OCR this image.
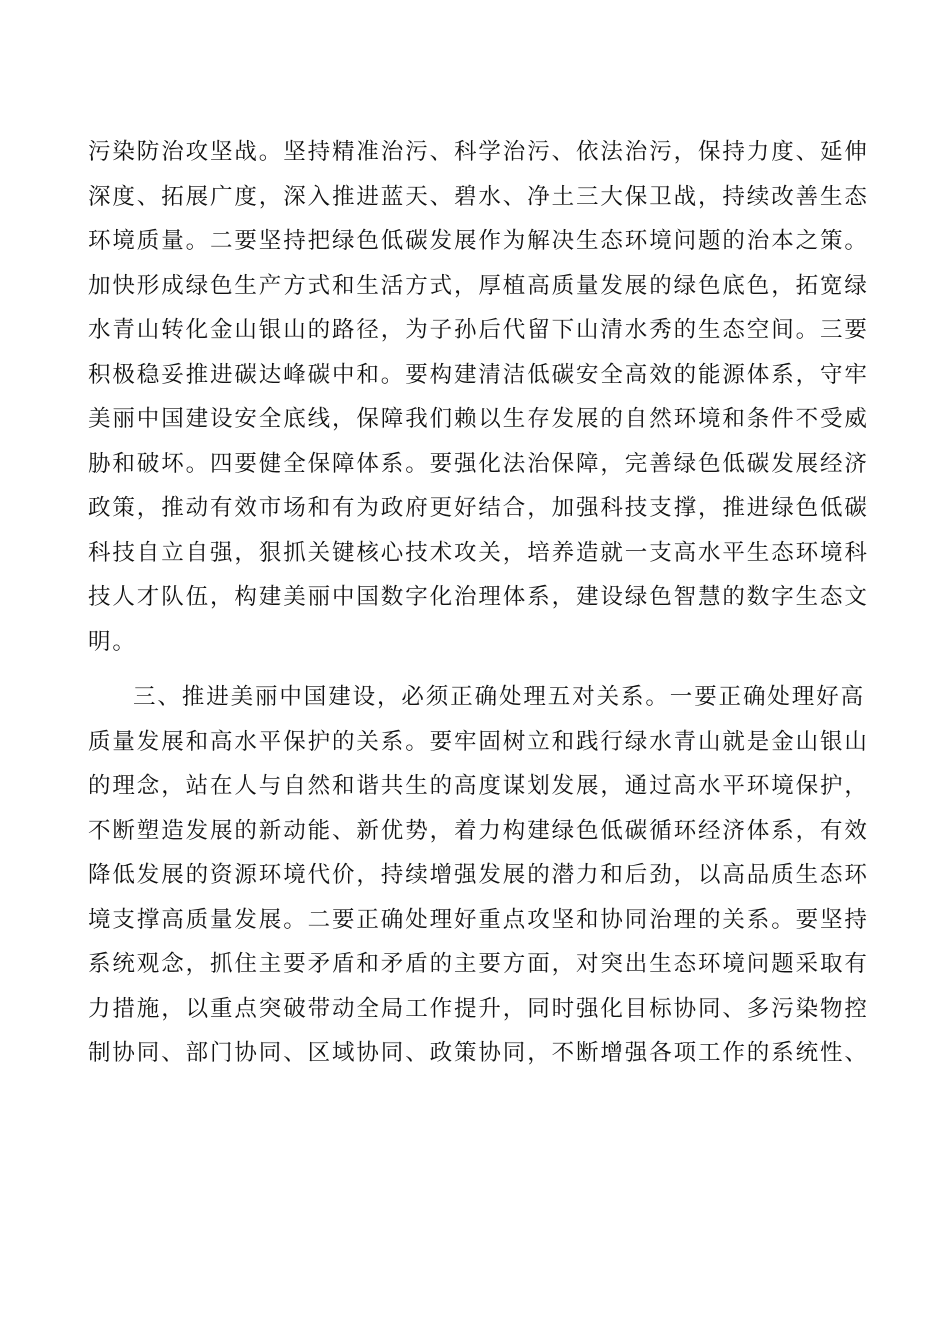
污染防治攻坚战。坚持精准治污、科学治污、依法治污，保持力度、延伸
深度、拓展广度，深入推进蓝天、碧水、净土三大保卫战，持续改善生态
环境质量。二要坚持把绿色低碳发展作为解决生态环境问题的治本之策。
加快形成绿色生产方式和生活方式，厚植高质量发展的绿色底色，拓宽绿
水青山转化金山银山的路径，为子孙后代留下山清水秀的生态空间。三要
积极稳妥推进碳达峰碳中和。要构建清洁低碳安全高效的能源体系，守牢
美丽中国建设安全底线，保障我们赖以生存发展的自然环境和条件不受威
胁和破坏。四要健全保障体系。要强化法治保障，完善绿色低碳发展经济
政策，推动有效市场和有为政府更好结合，加强科技支撑，推进绿色低碳
科技自立自强，狠抓关键核心技术攻关，培养造就一支高水平生态环境科
技人才队伍，构建美丽中国数字化治理体系，建设绿色智慧的数字生态文
明。
三、推进美丽中国建设，必须正确处理五对关系。一要正确处理好高
质量发展和高水平保护的关系。要牢固树立和践行绿水青山就是金山银山
的理念，站在人与自然和谐共生的高度谋划发展，通过高水平环境保护，
不断塑造发展的新动能、新优势，着力构建绿色低碳循环经济体系，有效
降低发展的资源环境代价，持续增强发展的潜力和后劲，以高品质生态环
境支撑高质量发展。二要正确处理好重点攻坚和协同治理的关系。要坚持
系统观念，抓住主要矛盾和矛盾的主要方面，对突出生态环境问题采取有
力措施，以重点突破带动全局工作提升，同时强化目标协同、多污染物控
制协同、部门协同、区域协同、政策协同，不断增强各项工作的系统性、
